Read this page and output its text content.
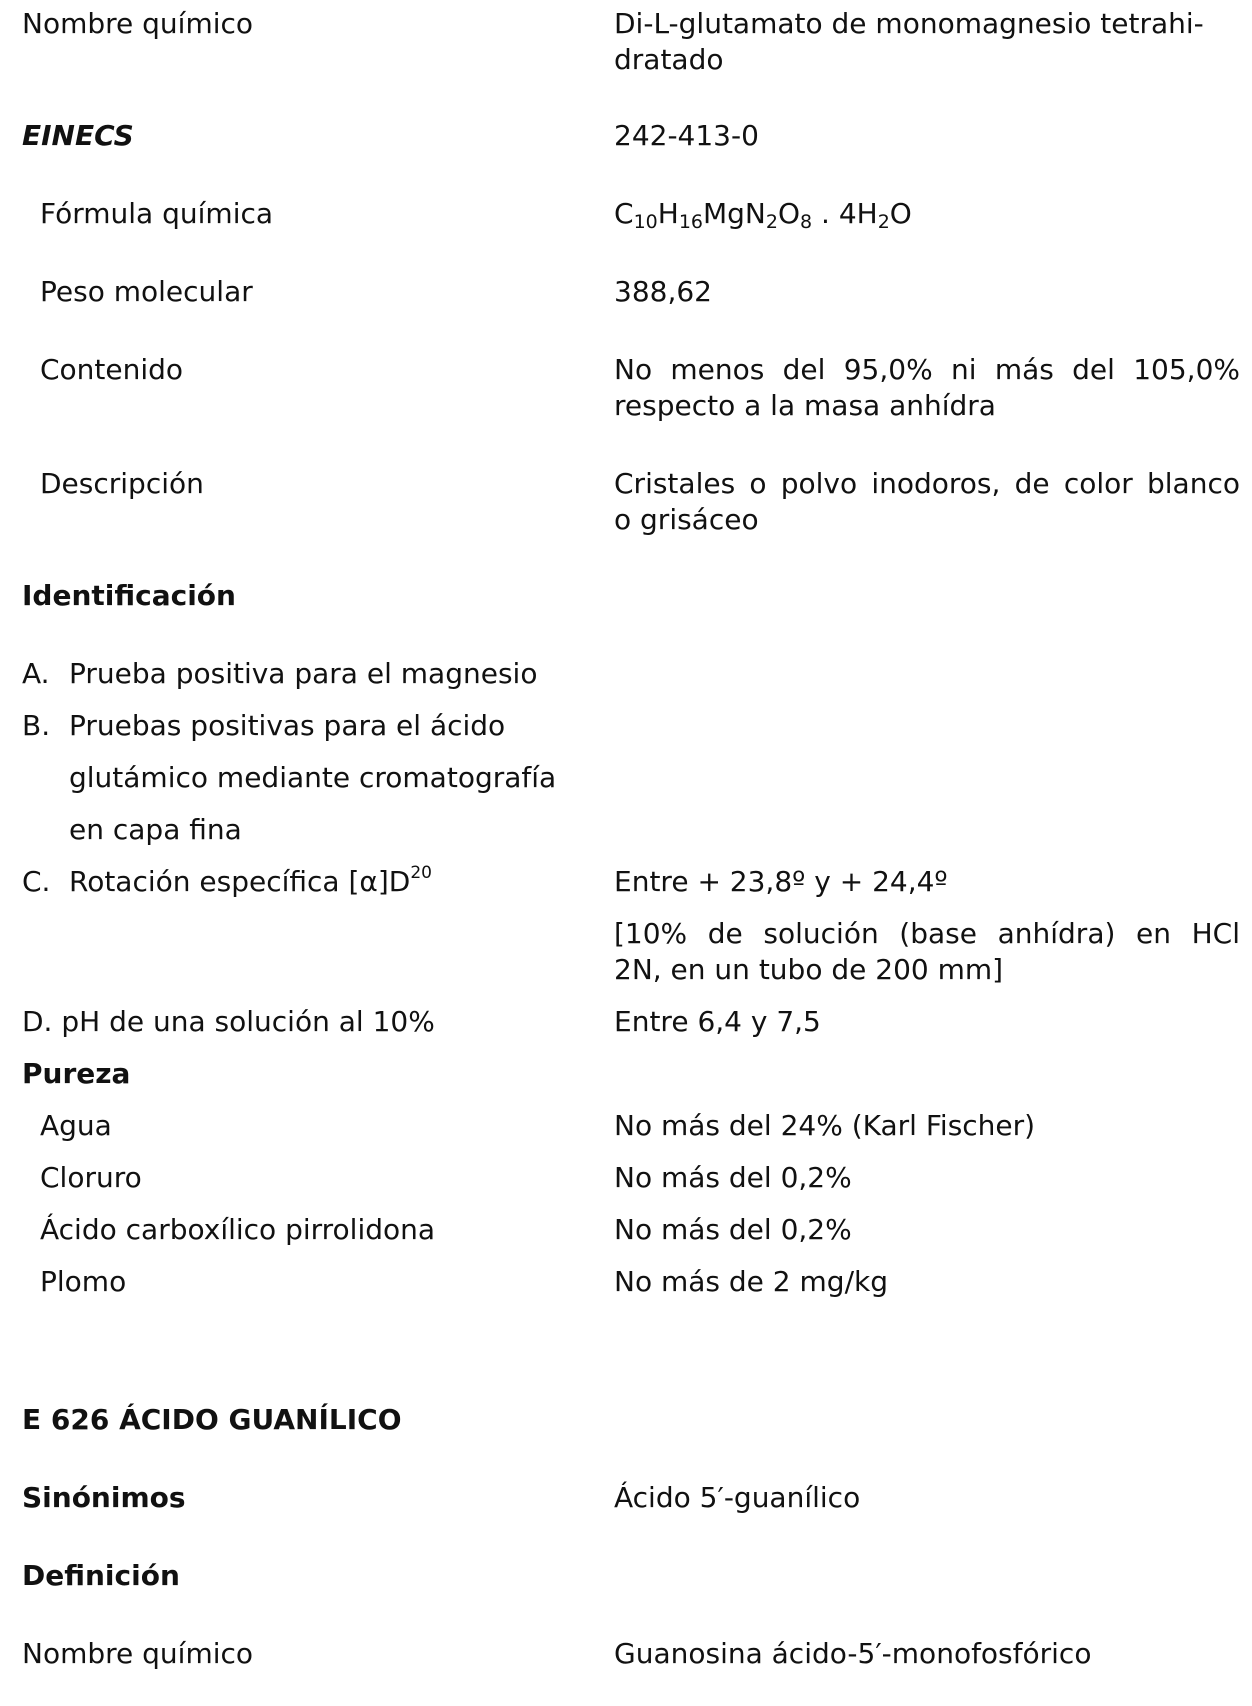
Nombre químico	Di-L-glutamato de monomagnesio tetrahi-
dratado
EINECS	242-413-0
Fórmula química	$C_{10}H_{16}MgN_2O_8$ . $4H_2O$
Peso molecular	388,62
Contenido	No menos del 95,0% ni más del 105,0%
respecto a la masa anhídra
Descripción	Cristales o polvo inodoros, de color blanco
o grisáceo
Identificación
A. Prueba positiva para el magnesio
B. Pruebas positivas para el ácido
glutámico mediante cromatografía
en capa fina
C. Rotación específica $[\alpha]D^{20}$	Entre + 23,8º y + 24,4º
[10% de solución (base anhídra) en HCl
2N, en un tubo de 200 mm]
D. pH de una solución al 10%	Entre 6,4 y 7,5
Pureza
Agua	No más del 24% (Karl Fischer)
Cloruro	No más del 0,2%
Ácido carboxílico pirrolidona	No más del 0,2%
Plomo	No más de 2 mg/kg
E 626 ÁCIDO GUANÍLICO
Sinónimos	Ácido 5′-guanílico
Definición
Nombre químico	Guanosina ácido-5′-monofosfórico
